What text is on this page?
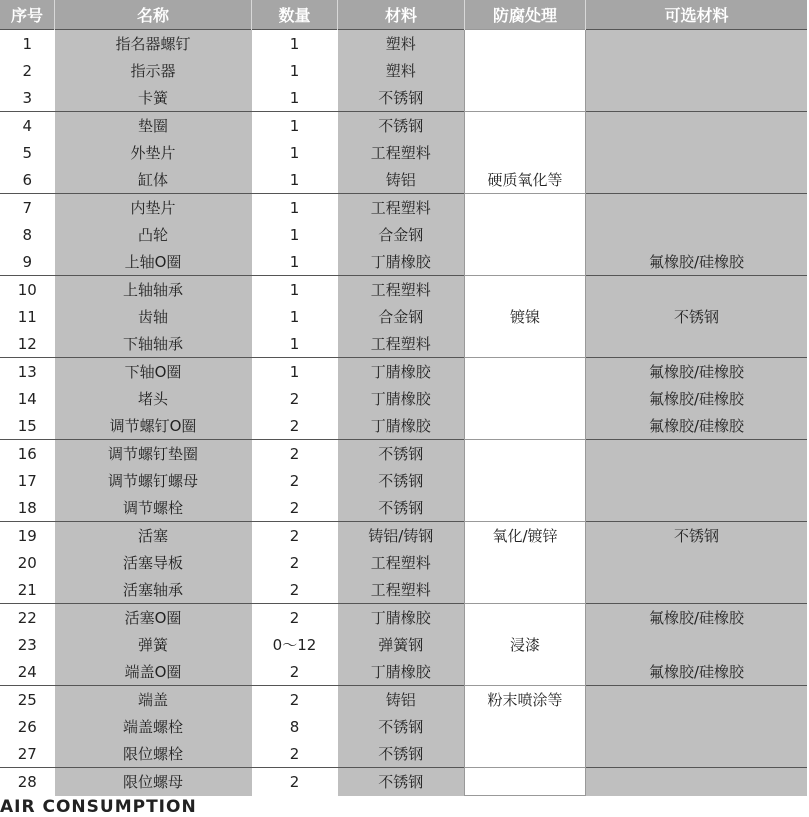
序号	名称	数量	材料	防腐处理	可选材料
1	指名器螺钉	1	塑料		
2	指示器	1	塑料		
3	卡簧	1	不锈钢		
4	垫圈	1	不锈钢		
5	外垫片	1	工程塑料		
6	缸体	1	铸铝	硬质氧化等	
7	内垫片	1	工程塑料		
8	凸轮	1	合金钢		
9	上轴O圈	1	丁腈橡胶		氟橡胶/硅橡胶
10	上轴轴承	1	工程塑料		
11	齿轴	1	合金钢	镀镍	不锈钢
12	下轴轴承	1	工程塑料		
13	下轴O圈	1	丁腈橡胶		氟橡胶/硅橡胶
14	堵头	2	丁腈橡胶		氟橡胶/硅橡胶
15	调节螺钉O圈	2	丁腈橡胶		氟橡胶/硅橡胶
16	调节螺钉垫圈	2	不锈钢		
17	调节螺钉螺母	2	不锈钢		
18	调节螺栓	2	不锈钢		
19	活塞	2	铸铝/铸钢	氧化/镀锌	不锈钢
20	活塞导板	2	工程塑料		
21	活塞轴承	2	工程塑料		
22	活塞O圈	2	丁腈橡胶		氟橡胶/硅橡胶
23	弹簧	0～12	弹簧钢	浸漆	
24	端盖O圈	2	丁腈橡胶		氟橡胶/硅橡胶
25	端盖	2	铸铝	粉末喷涂等	
26	端盖螺栓	8	不锈钢		
27	限位螺栓	2	不锈钢		
28	限位螺母	2	不锈钢		
AIR CONSUMPTION
